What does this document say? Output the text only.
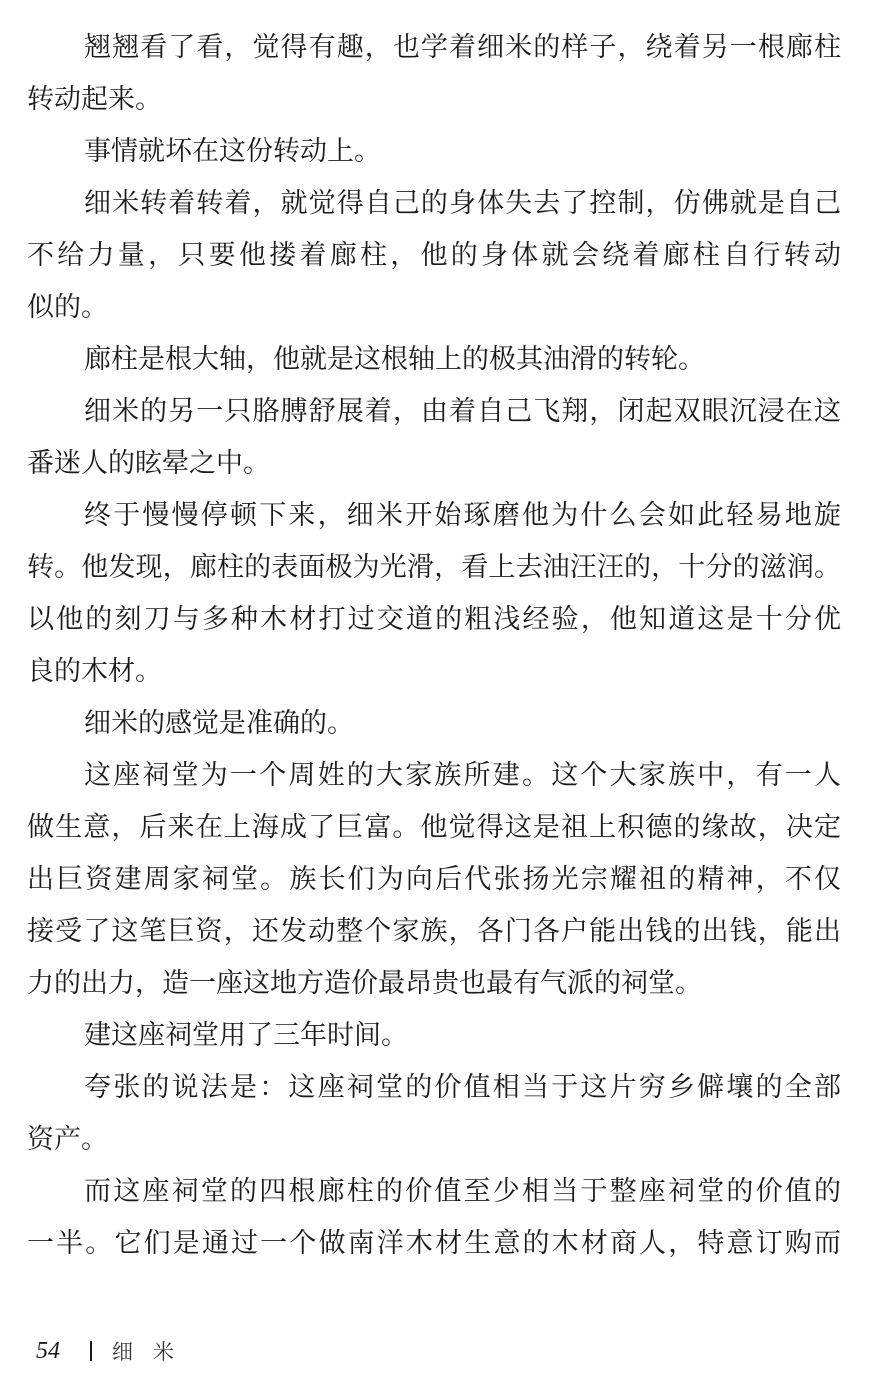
翘翘看了看，觉得有趣，也学着细米的样子，绕着另一根廊柱
转动起来。
事情就坏在这份转动上。
细米转着转着，就觉得自己的身体失去了控制，仿佛就是自己
不给力量，只要他搂着廊柱，他的身体就会绕着廊柱自行转动
似的。
廊柱是根大轴，他就是这根轴上的极其油滑的转轮。
细米的另一只胳膊舒展着，由着自己飞翔，闭起双眼沉浸在这
番迷人的眩晕之中。
终于慢慢停顿下来，细米开始琢磨他为什么会如此轻易地旋
转。他发现，廊柱的表面极为光滑，看上去油汪汪的，十分的滋润。
以他的刻刀与多种木材打过交道的粗浅经验，他知道这是十分优
良的木材。
细米的感觉是准确的。
这座祠堂为一个周姓的大家族所建。这个大家族中，有一人
做生意，后来在上海成了巨富。他觉得这是祖上积德的缘故，决定
出巨资建周家祠堂。族长们为向后代张扬光宗耀祖的精神，不仅
接受了这笔巨资，还发动整个家族，各门各户能出钱的出钱，能出
力的出力，造一座这地方造价最昂贵也最有气派的祠堂。
建这座祠堂用了三年时间。
夸张的说法是：这座祠堂的价值相当于这片穷乡僻壤的全部
资产。
而这座祠堂的四根廊柱的价值至少相当于整座祠堂的价值的
一半。它们是通过一个做南洋木材生意的木材商人，特意订购而
54 细米
